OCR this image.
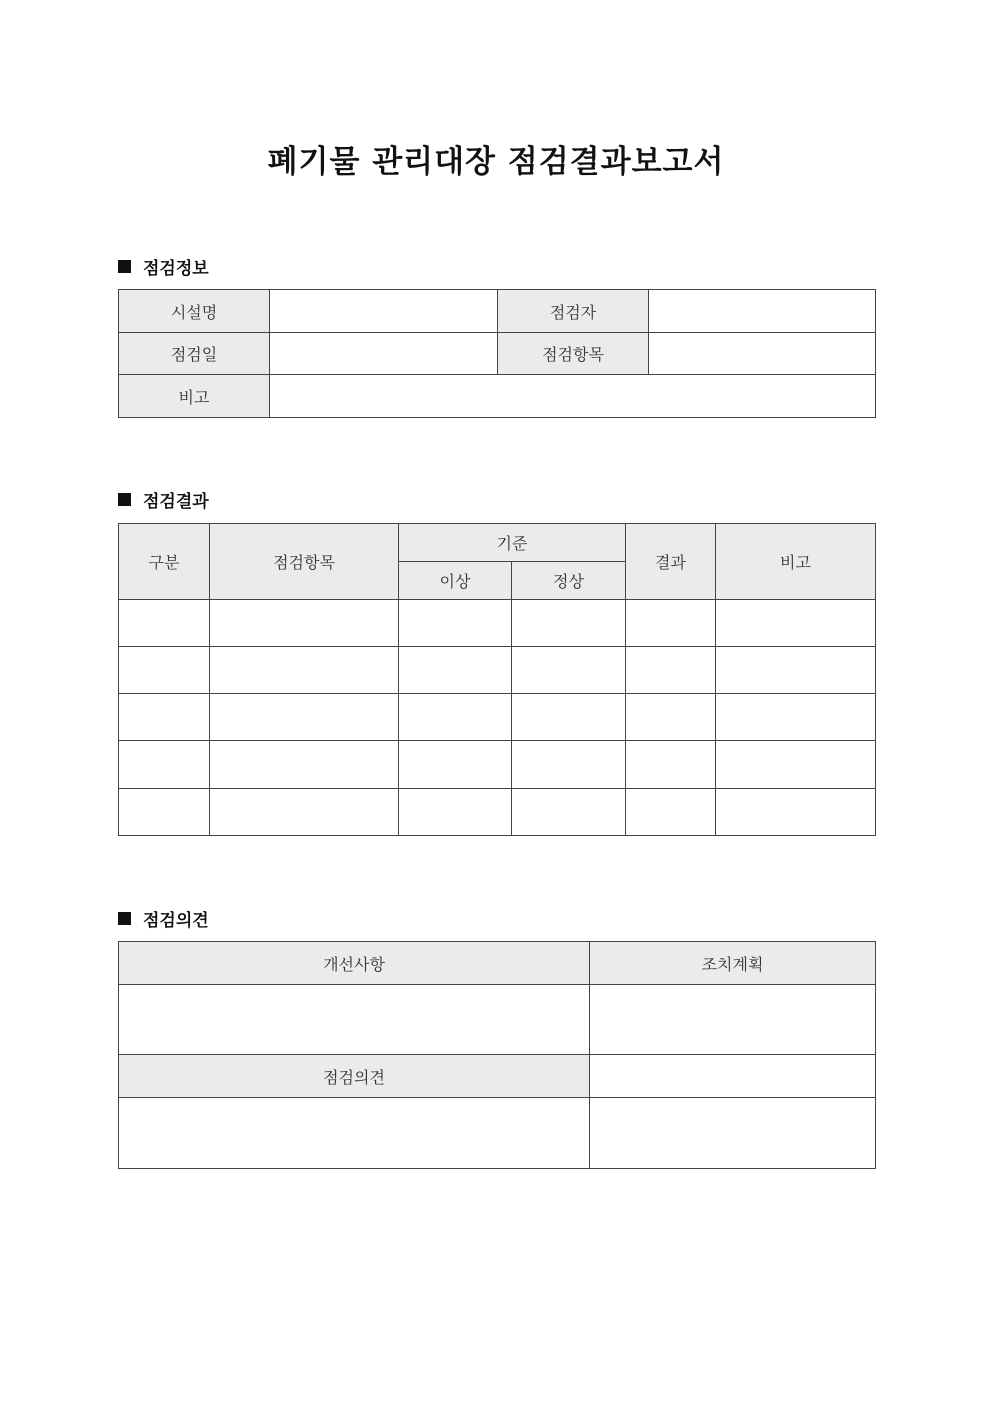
폐기물 관리대장 점검결과보고서
점검정보
시설명		점검자	
점검일		점검항목	
비고			
점검결과
구분	점검항목	기준		결과	비고
		이상	정상		

점검의견
개선사항	조치계획

점검의견	
